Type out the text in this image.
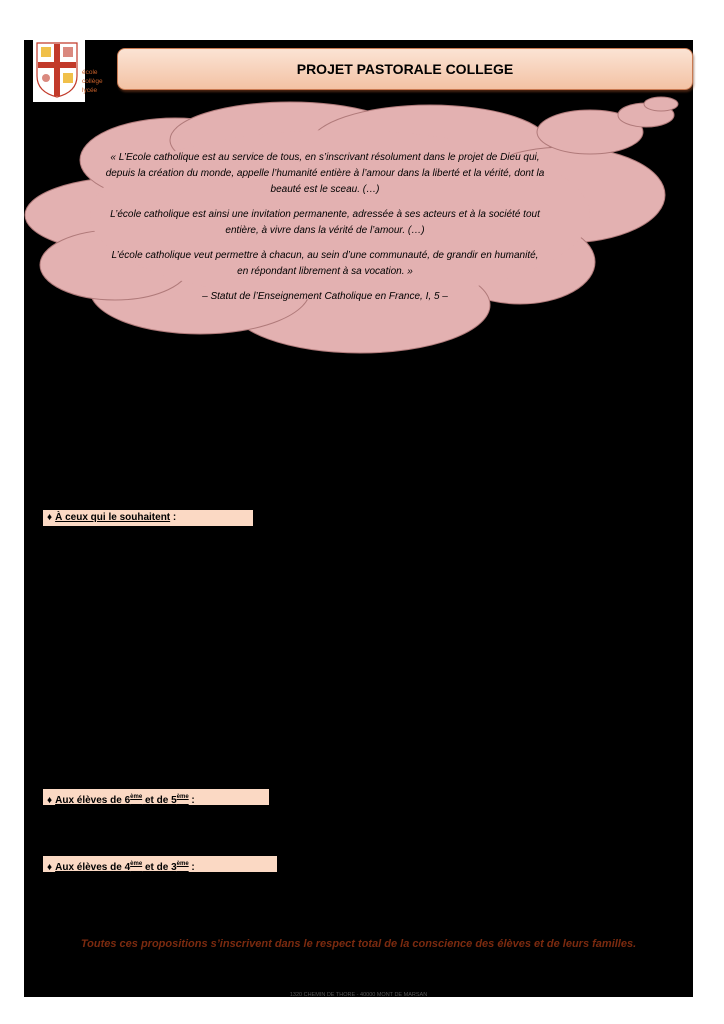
école
collège
lycée
PROJET PASTORALE COLLEGE

« L’Ecole catholique est au service de tous, en s’inscrivant résolument dans le projet de Dieu qui, depuis la création du monde, appelle l’humanité entière à l’amour dans la liberté et la vérité, dont la beauté est le sceau. (…)

L’école catholique est ainsi une invitation permanente, adressée à ses acteurs et à la société tout entière, à vivre dans la vérité de l’amour. (…)

L’école catholique veut permettre à chacun, au sein d’une communauté, de grandir en humanité, en répondant librement à sa vocation. »

– Statut de l’Enseignement Catholique en France, I, 5 –

♦ À ceux qui le souhaitent :
♦ Aux élèves de 6ème et de 5ème :
♦ Aux élèves de 4ème et de 3ème :
Toutes ces propositions s’inscrivent dans le respect total de la conscience des élèves et de leurs familles.
1320 CHEMIN DE THORE - 40000 MONT DE MARSAN
